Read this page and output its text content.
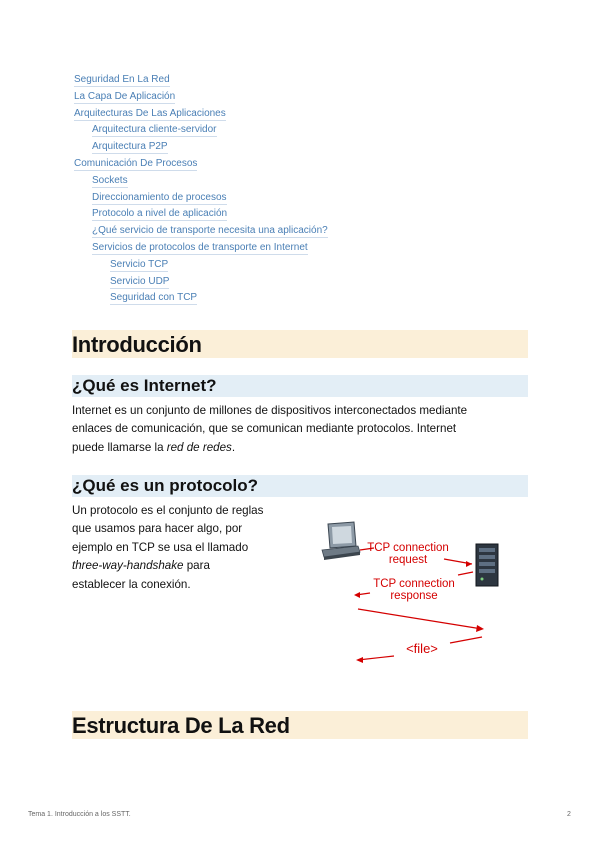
Seguridad En La Red
La Capa De Aplicación
Arquitecturas De Las Aplicaciones
Arquitectura cliente-servidor
Arquitectura P2P
Comunicación De Procesos
Sockets
Direccionamiento de procesos
Protocolo a nivel de aplicación
¿Qué servicio de transporte necesita una aplicación?
Servicios de protocolos de transporte en Internet
Servicio TCP
Servicio UDP
Seguridad con TCP
Introducción
¿Qué es Internet?

Internet es un conjunto de millones de dispositivos interconectados mediante
enlaces de comunicación, que se comunican mediante protocolos. Internet
puede llamarse la red de redes.

¿Qué es un protocolo?

Un protocolo es el conjunto de reglas
que usamos para hacer algo, por
ejemplo en TCP se usa el llamado
three-way-handshake para
establecer la conexión.

TCP connection
request
TCP connection
response
<file>
Estructura De La Red
Tema 1. Introducción a los SSTT.	2
